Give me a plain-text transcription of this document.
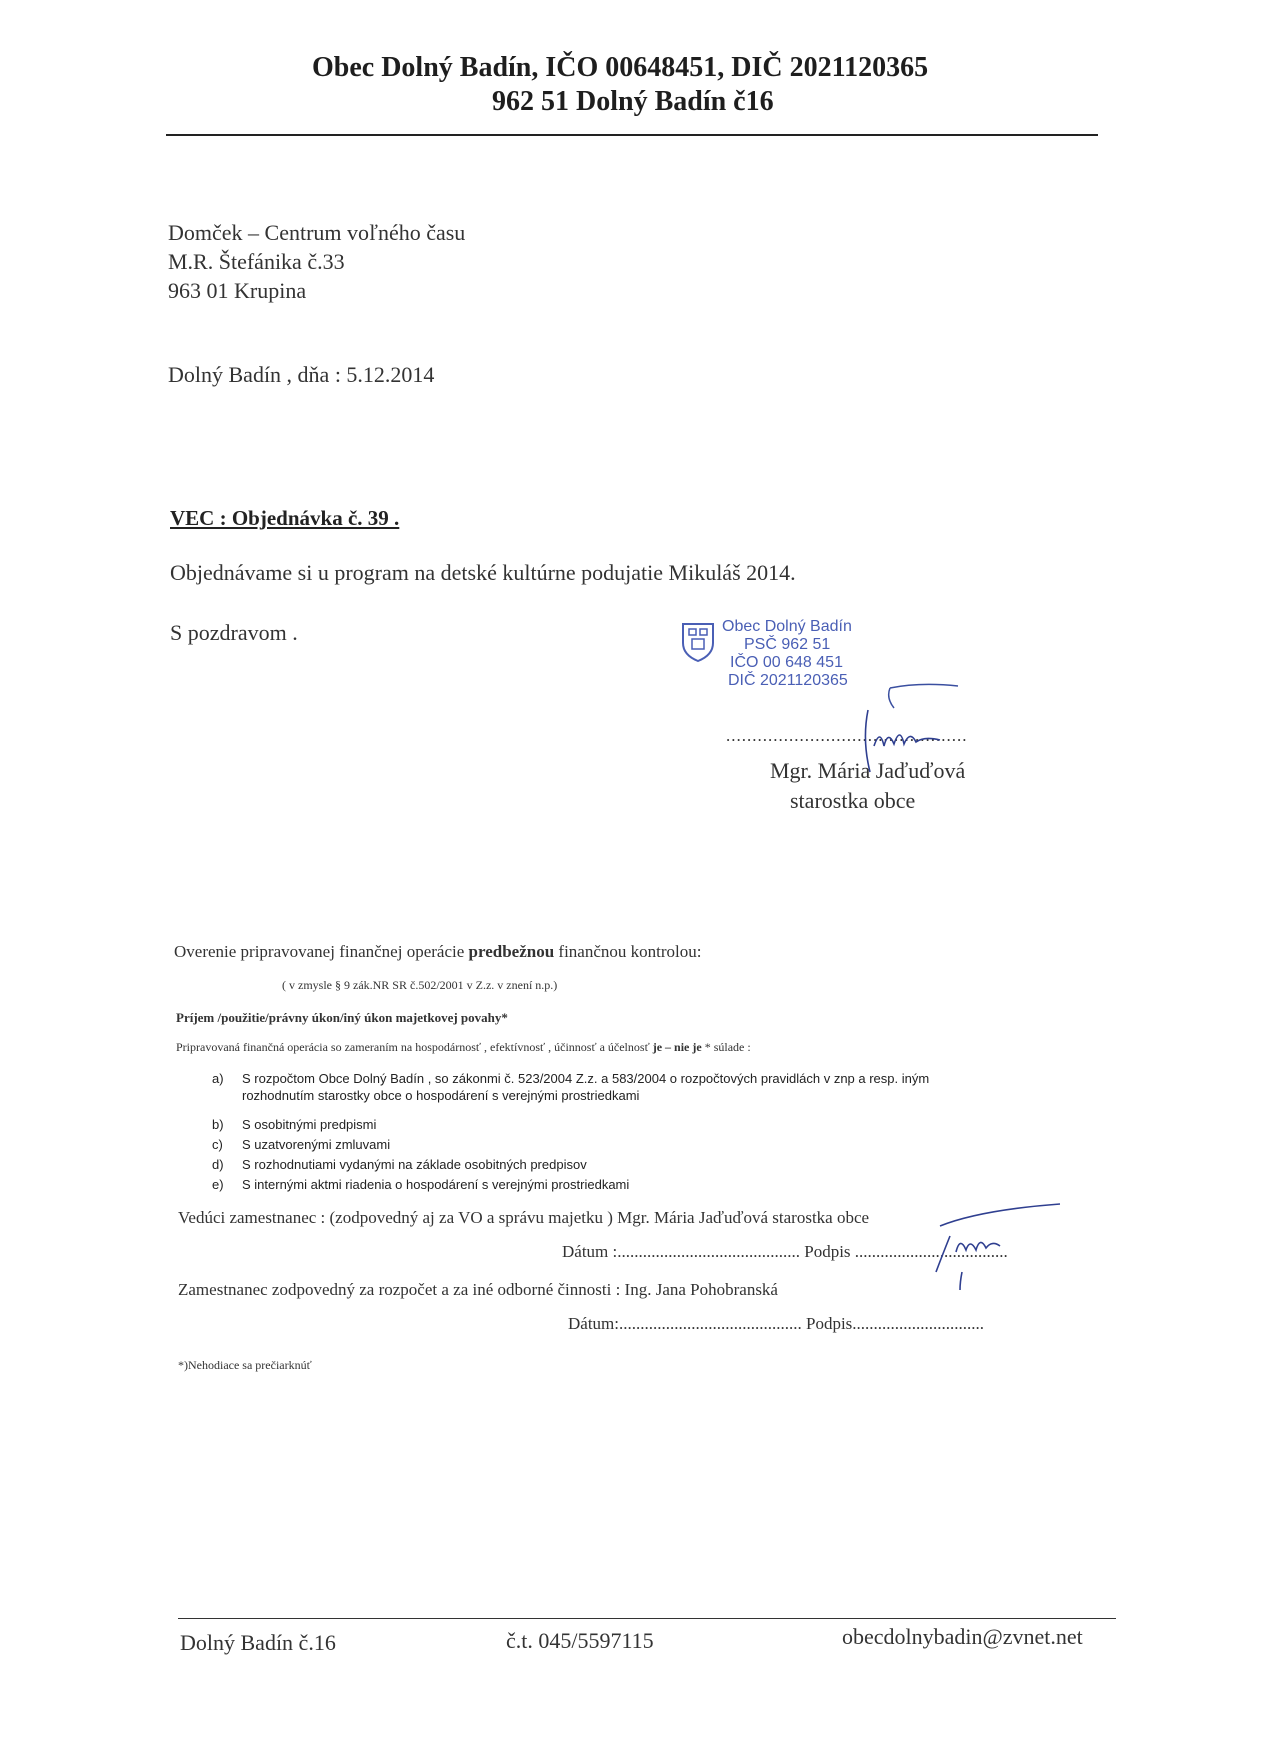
Obec Dolný Badín, IČO 00648451, DIČ 2021120365
962 51 Dolný Badín č16
Domček – Centrum voľného času
M.R. Štefánika č.33
963 01 Krupina
Dolný Badín , dňa : 5.12.2014
VEC : Objednávka č. 39 .
Objednávame si u program na detské kultúrne podujatie Mikuláš 2014.
S pozdravom .	Obec Dolný Badín
PSČ 962 51
IČO 00 648 451
DIČ 2021120365
..............................................
Mgr. Mária Jaďuďová
starostka obce
Overenie pripravovanej finančnej operácie predbežnou finančnou kontrolou:
( v zmysle § 9 zák.NR SR č.502/2001 v Z.z. v znení n.p.)
Príjem /použitie/právny úkon/iný úkon majetkovej povahy*
Pripravovaná finančná operácia so zameraním na hospodárnosť , efektívnosť , účinnosť a účelnosť je – nie je * súlade :
a) S rozpočtom Obce Dolný Badín , so zákonmi č. 523/2004 Z.z. a 583/2004 o rozpočtových pravidlách v znp a resp. iným
rozhodnutím starostky obce o hospodárení s verejnými prostriedkami
b) S osobitnými predpismi
c) S uzatvorenými zmluvami
d) S rozhodnutiami vydanými na základe osobitných predpisov
e) S internými aktmi riadenia o hospodárení s verejnými prostriedkami
Vedúci zamestnanec : (zodpovedný aj za VO a správu majetku ) Mgr. Mária Jaďuďová starostka obce
Dátum :........................................... Podpis ....................................
Zamestnanec zodpovedný za rozpočet a za iné odborné činnosti : Ing. Jana Pohobranská
Dátum:........................................... Podpis...............................
*)Nehodiace sa prečiarknúť
Dolný Badín č.16	č.t. 045/5597115	obecdolnybadin@zvnet.net
